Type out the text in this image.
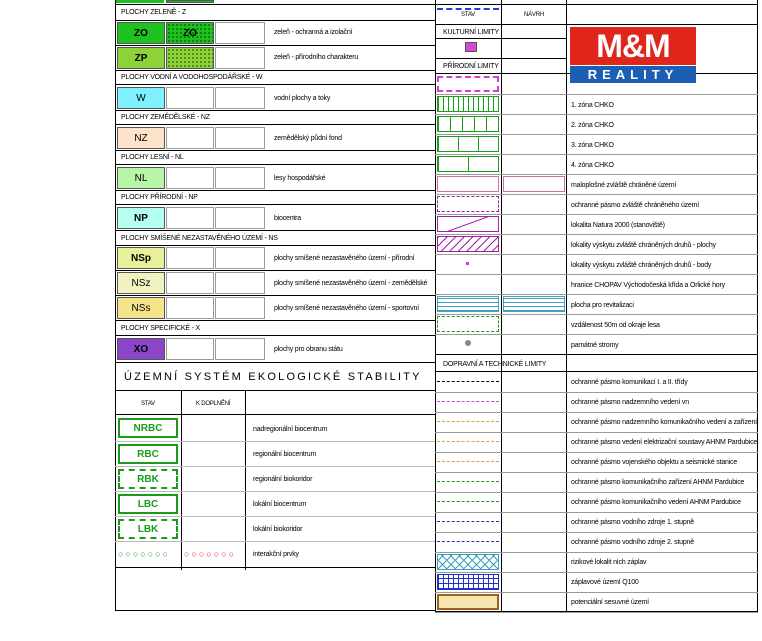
PLOCHY ZELENĚ - Z
ZO	ZO	zeleň - ochranná a izolační
ZP	zeleň - přírodního charakteru
PLOCHY VODNÍ A VODOHOSPODÁŘSKÉ - W
W	vodní plochy a toky
PLOCHY ZEMĚDĚLSKÉ - NZ
NZ	zemědělský půdní fond
PLOCHY LESNÍ - NL
NL	lesy hospodářské
PLOCHY PŘÍRODNÍ - NP
NP	biocentra
PLOCHY SMÍŠENÉ NEZASTAVĚNÉHO ÚZEMÍ - NS
NSp	plochy smíšené nezastavěného území - přírodní
NSz	plochy smíšené nezastavěného území - zemědělské
NSs	plochy smíšené nezastavěného území - sportovní
PLOCHY SPECIFICKÉ - X
XO	plochy pro obranu státu
ÚZEMNÍ SYSTÉM EKOLOGICKÉ STABILITY
STAV	K DOPLNĚNÍ
NRBC	nadregionální biocentrum
RBC	regionální biocentrum
RBK	regionální biokoridor
LBC	lokální biocentrum
LBK	lokální biokoridor
○○○○○○○ ○○○○○○○ interakční prvky
STAV	NÁVRH
KULTURNÍ LIMITY
PŘÍRODNÍ LIMITY
M&M
REALITY
1. zóna CHKO
2. zóna CHKO
3. zóna CHKO
4. zóna CHKO
maloplošné zvláště chráněné území
ochranné pásmo zvláště chráněného území
lokalita Natura 2000 (stanoviště)
lokality výskytu zvláště chráněných druhů - plochy
lokality výskytu zvláště chráněných druhů - body
hranice CHOPAV Východočeská křída a Orlické hory
plocha pro revitalizaci
vzdálenost 50m od okraje lesa
památné stromy
DOPRAVNÍ A TECHNICKÉ LIMITY
ochranné pásmo komunikací I. a II. třídy
ochranné pásmo nadzemního vedení vn
ochranné pásmo nadzemního komunikačního vedení a zařízení
ochranné pásmo vedení elektrizační soustavy AHNM Pardubice
ochranné pásmo vojenského objektu a seismické stanice
ochranné pásmo komunikačního zařízení AHNM Pardubice
ochranné pásmo komunikačního vedení AHNM Pardubice
ochranné pásmo vodního zdroje 1. stupně
ochranné pásmo vodního zdroje 2. stupně
rizikové lokalit ních záplav
záplavové území Q100
potenciální sesuvné území
